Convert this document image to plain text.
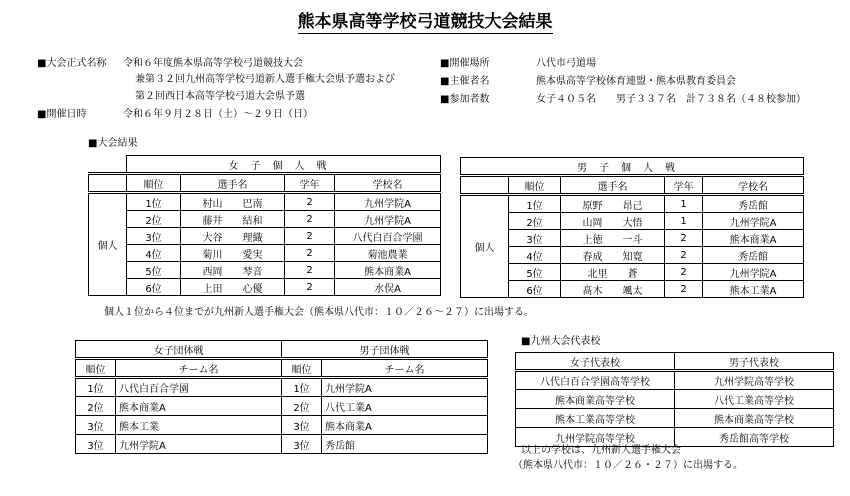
熊本県高等学校弓道競技大会結果
■大会正式名称 令和６年度熊本県高等学校弓道競技大会
兼第３２回九州高等学校弓道新人選手権大会県予選および
第２回西日本高等学校弓道大会県予選
■開催日時	令和６年９月２８日（土）～２９日（日）
■開催場所	八代市弓道場
■主催者名	熊本県高等学校体育連盟・熊本県教育委員会
■参加者数	女子４０５名　　男子３３７名　計７３８名（４８校参加）
■大会結果
	女子個人戦			
	順位	選手名	学年	学校名
個人	1位	村山　　 巴南	2	九州学院A
	2位	藤井　　 結和	2	九州学院A
	3位	大谷　　 理織	2	八代白百合学園
	4位	菊川　　 愛実	2	菊池農業
	5位	西岡　　 琴音	2	熊本商業A
	6位	上田　　 心優	2	水俣A
男子個人戦				
	順位	選手名	学年	学校名
個人	1位	原野　　 昂己	1	秀岳館
	2位	山岡　　 大悟	1	九州学院A
	3位	上徳　　 一斗	2	熊本商業A
	4位	春成　　 知寛	2	秀岳館
	5位	北里　　 蒼	2	九州学院A
	6位	髙木　　 颯太	2	熊本工業A
個人１位から４位までが九州新人選手権大会（熊本県八代市：１０／２６～２７）に出場する。
女子団体戦		男子団体戦	
順位	チーム名	順位	チーム名
1位	八代白百合学園	1位	九州学院A
2位	熊本商業A	2位	八代工業A
3位	熊本工業	3位	熊本商業A
3位	九州学院A	3位	秀岳館
■九州大会代表校
女子代表校	男子代表校
八代白百合学園高等学校	九州学院高等学校
熊本商業高等学校	八代工業高等学校
熊本工業高等学校	熊本商業高等学校
九州学院高等学校	秀岳館高等学校
以上の学校は、九州新人選手権大会
（熊本県八代市：１０／２６・２７）に出場する。
